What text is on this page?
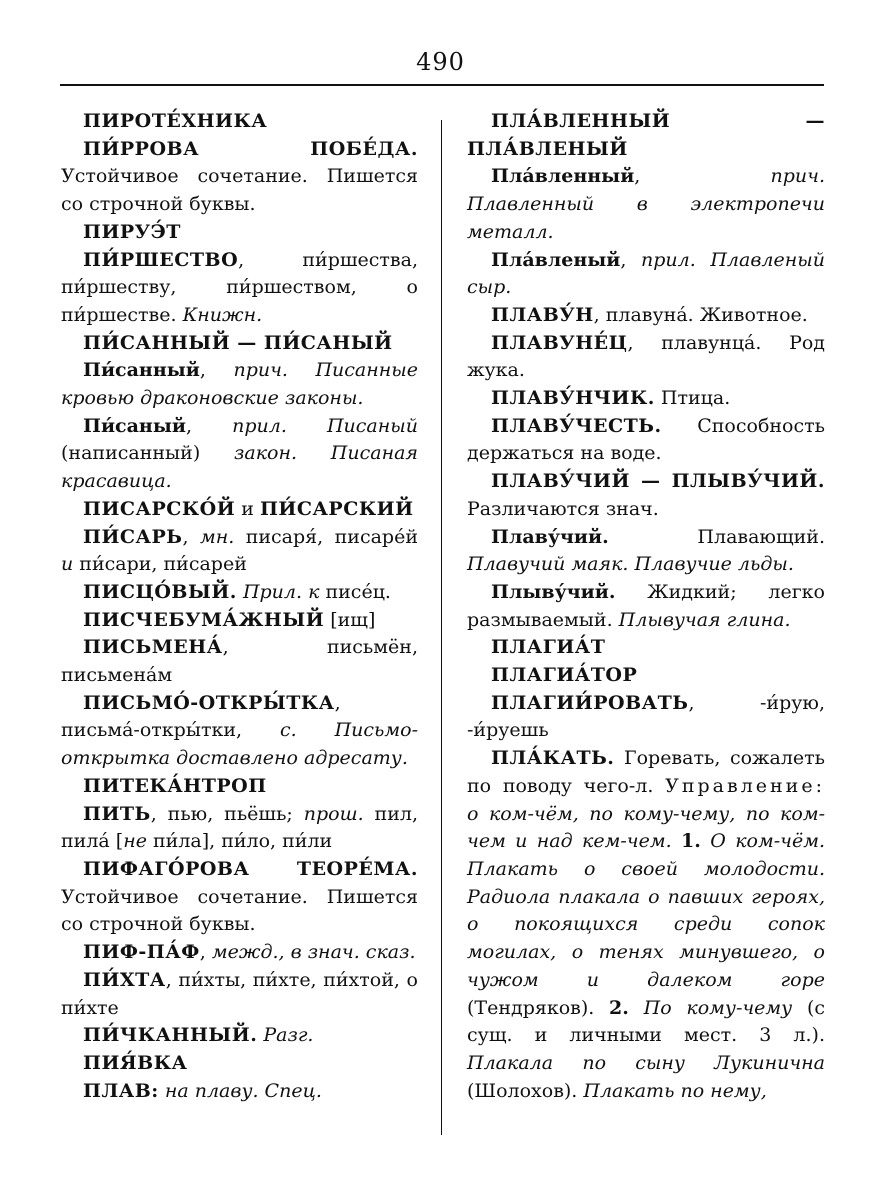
490

ПИРОТЕ́ХНИКА

ПИ́РРОВА ПОБЕ́ДА. Устойчивое сочетание. Пишется со строчной буквы.

ПИРУЭ́Т

ПИ́РШЕСТВО, пи́ршества, пи́ршеству, пи́ршеством, о пи́ршестве. Книжн.

ПИ́САННЫЙ — ПИ́САНЫЙ

Пи́санный, прич. Писанные кровью драконовские законы.

Пи́саный, прил. Писаный (написанный) закон. Писаная красавица.

ПИСАРСКО́Й и ПИ́САРСКИЙ

ПИ́САРЬ, мн. писаря́, писаре́й и пи́сари, пи́сарей

ПИСЦО́ВЫЙ. Прил. к писе́ц.

ПИСЧЕБУМА́ЖНЫЙ [ищ]

ПИСЬМЕНА́, письмён, письмена́м

ПИСЬМО́-ОТКРЫ́ТКА, письма́-откры́тки, с. Письмо-открытка доставлено адресату.

ПИТЕКА́НТРОП

ПИТЬ, пью, пьёшь; прош. пил, пила́ [не пи́ла], пи́ло, пи́ли

ПИФАГО́РОВА ТЕОРЕ́МА. Устойчивое сочетание. Пишется со строчной буквы.

ПИФ-ПА́Ф, межд., в знач. сказ.

ПИ́ХТА, пи́хты, пи́хте, пи́хтой, о пи́хте

ПИ́ЧКАННЫЙ. Разг.

ПИЯ́ВКА

ПЛАВ: на плаву. Спец.

ПЛА́ВЛЕННЫЙ — ПЛА́ВЛЕНЫЙ

Пла́вленный, прич. Плавленный в электропечи металл.

Пла́вленый, прил. Плавленый сыр.

ПЛАВУ́Н, плавуна́. Животное.

ПЛАВУНЕ́Ц, плавунца́. Род жука.

ПЛАВУ́НЧИК. Птица.

ПЛАВУ́ЧЕСТЬ. Способность держаться на воде.

ПЛАВУ́ЧИЙ — ПЛЫВУ́ЧИЙ. Различаются знач.

Плаву́чий. Плавающий. Плавучий маяк. Плавучие льды.

Плыву́чий. Жидкий; легко размываемый. Плывучая глина.

ПЛАГИА́Т

ПЛАГИА́ТОР

ПЛАГИИ́РОВАТЬ, -и́рую, -и́руешь

ПЛА́КАТЬ. Горевать, сожалеть по поводу чего-л. Управление: о ком-чём, по кому-чему, по ком-чем и над кем-чем. 1. О ком-чём. Плакать о своей молодости. Радиола плакала о павших героях, о покоящихся среди сопок могилах, о тенях минувшего, о чужом и далеком горе (Тендряков). 2. По кому-чему (с сущ. и личными мест. 3 л.). Плакала по сыну Лукинична (Шолохов). Плакать по нему,
